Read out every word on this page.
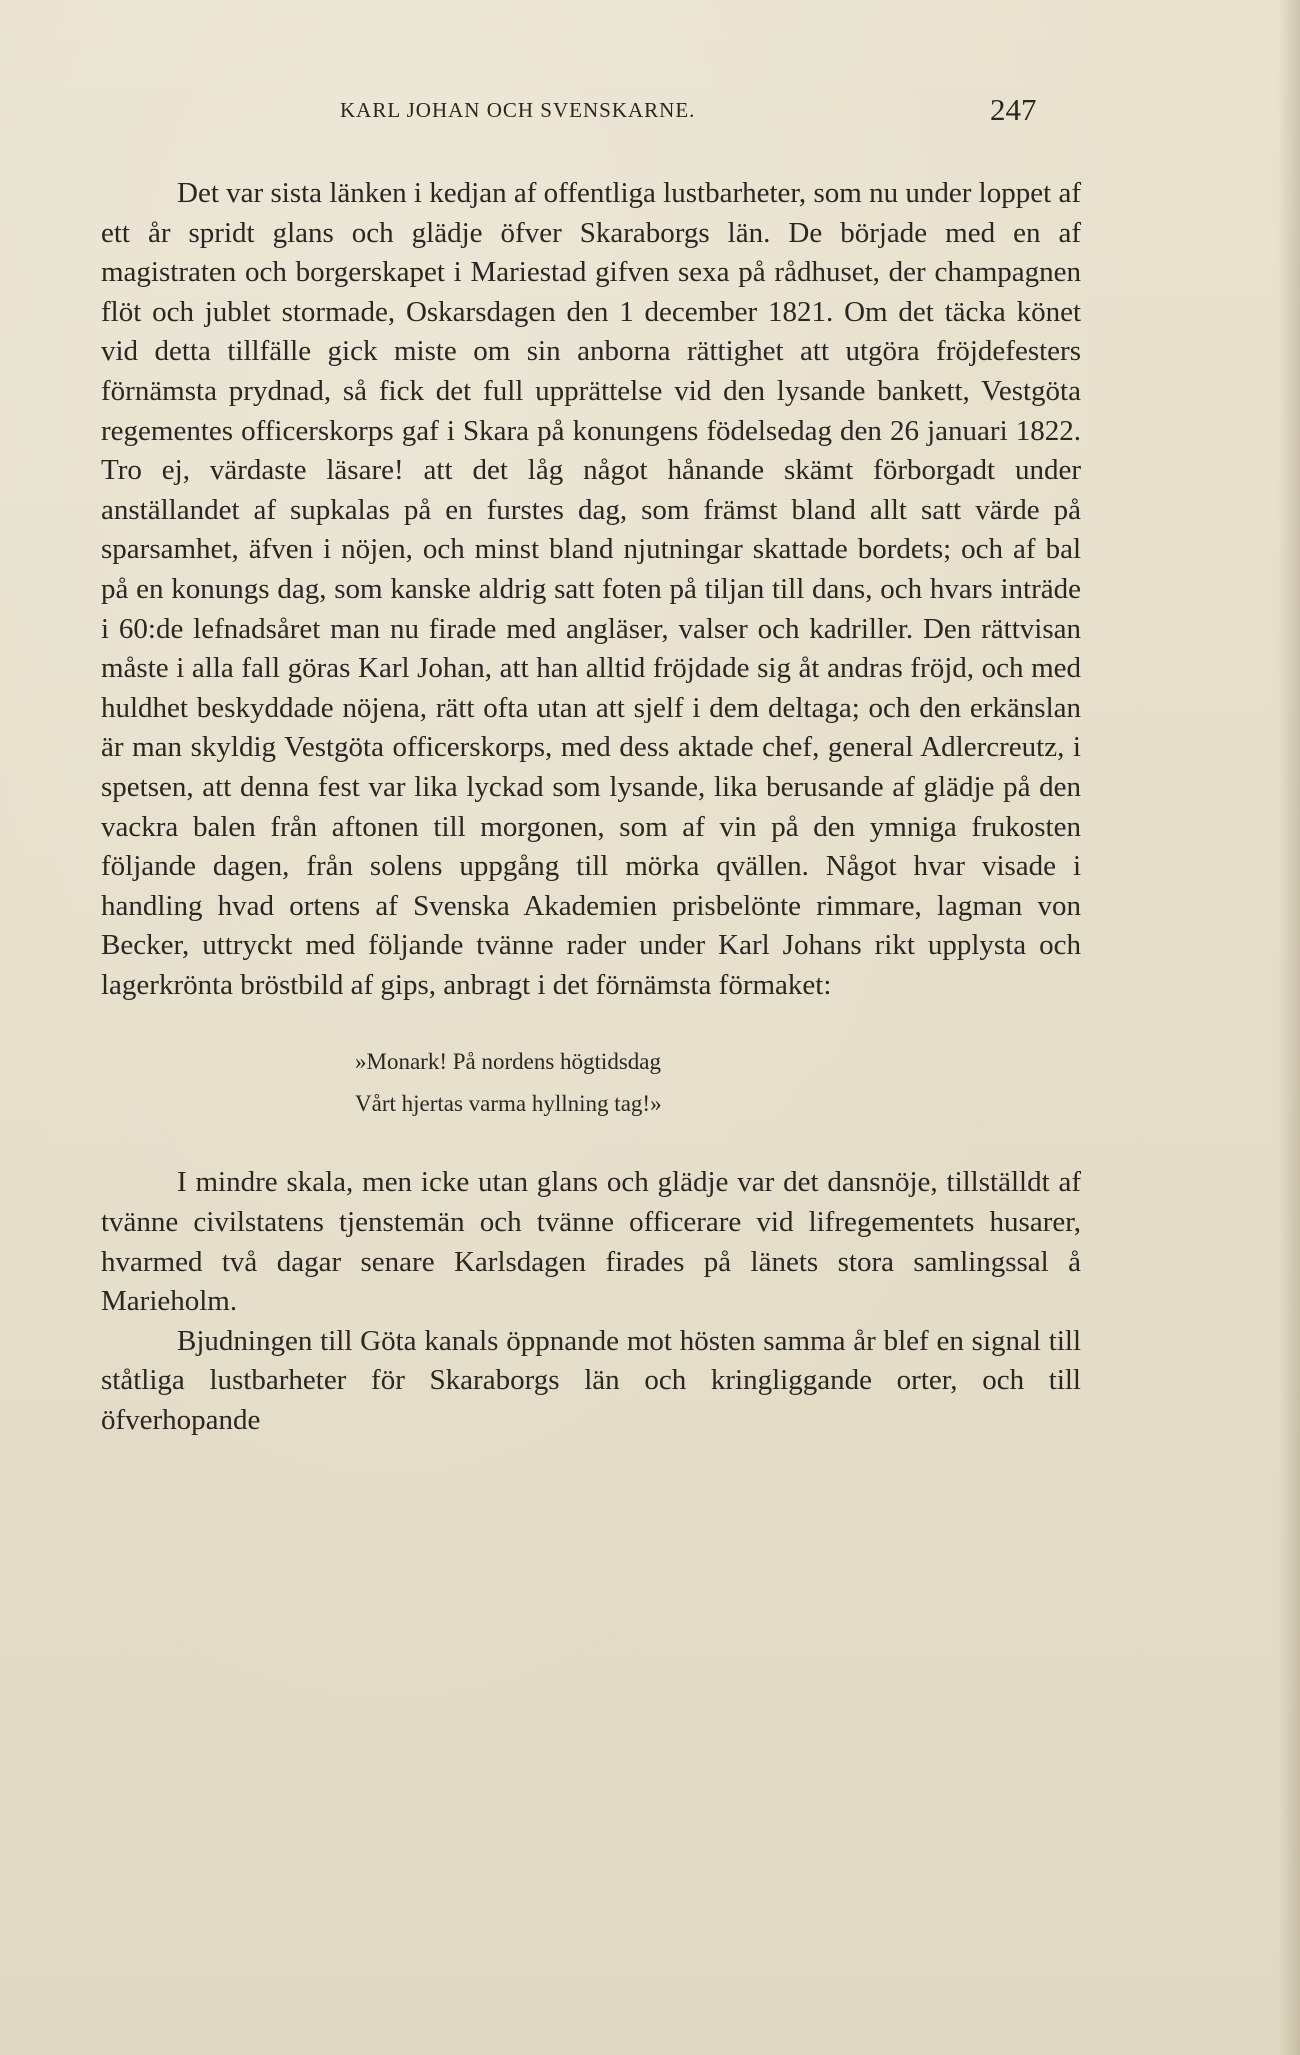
KARL JOHAN OCH SVENSKARNE.	247

Det var sista länken i kedjan af offentliga lustbarheter, som nu under loppet af ett år spridt glans och glädje öfver Skaraborgs län. De började med en af magistraten och borgerskapet i Mariestad gifven sexa på rådhuset, der champagnen flöt och jublet stormade, Oskarsdagen den 1 december 1821. Om det täcka könet vid detta tillfälle gick miste om sin anborna rättighet att utgöra fröjdefesters förnämsta prydnad, så fick det full upprättelse vid den lysande bankett, Vestgöta regementes officerskorps gaf i Skara på konungens födelsedag den 26 januari 1822. Tro ej, värdaste läsare! att det låg något hånande skämt förborgadt under anställandet af supkalas på en furstes dag, som främst bland allt satt värde på sparsamhet, äfven i nöjen, och minst bland njutningar skattade bordets; och af bal på en konungs dag, som kanske aldrig satt foten på tiljan till dans, och hvars inträde i 60:de lefnadsåret man nu firade med angläser, valser och kadriller. Den rättvisan måste i alla fall göras Karl Johan, att han alltid fröjdade sig åt andras fröjd, och med huldhet beskyddade nöjena, rätt ofta utan att sjelf i dem deltaga; och den erkänslan är man skyldig Vestgöta officerskorps, med dess aktade chef, general Adlercreutz, i spetsen, att denna fest var lika lyckad som lysande, lika berusande af glädje på den vackra balen från aftonen till morgonen, som af vin på den ymniga frukosten följande dagen, från solens uppgång till mörka qvällen. Något hvar visade i handling hvad ortens af Svenska Akademien prisbelönte rimmare, lagman von Becker, uttryckt med följande tvänne rader under Karl Johans rikt upplysta och lagerkrönta bröstbild af gips, anbragt i det förnämsta förmaket:

»Monark! På nordens högtidsdag
Vårt hjertas varma hyllning tag!»

I mindre skala, men icke utan glans och glädje var det dansnöje, tillställdt af tvänne civilstatens tjenstemän och tvänne officerare vid lifregementets husarer, hvarmed två dagar senare Karlsdagen firades på länets stora samlingssal å Marieholm.

Bjudningen till Göta kanals öppnande mot hösten samma år blef en signal till ståtliga lustbarheter för Skaraborgs län och kringliggande orter, och till öfverhopande
